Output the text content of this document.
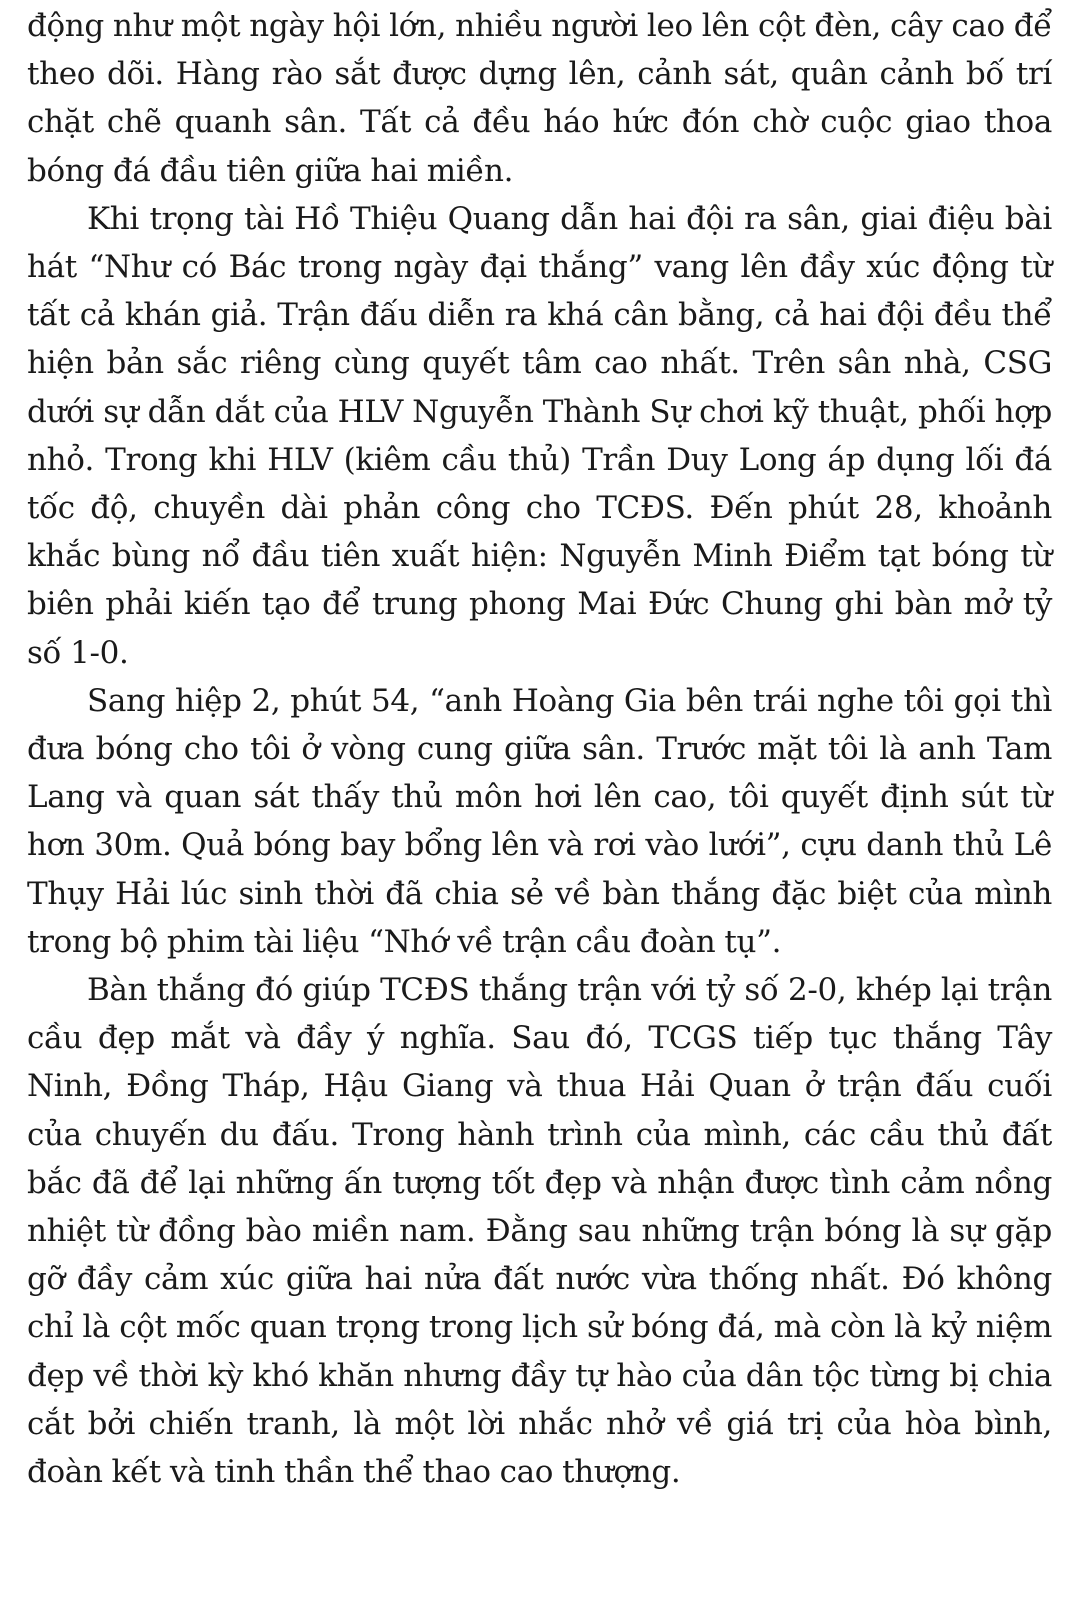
động như một ngày hội lớn, nhiều người leo lên cột đèn, cây cao để theo dõi. Hàng rào sắt được dựng lên, cảnh sát, quân cảnh bố trí chặt chẽ quanh sân. Tất cả đều háo hức đón chờ cuộc giao thoa bóng đá đầu tiên giữa hai miền.

Khi trọng tài Hồ Thiệu Quang dẫn hai đội ra sân, giai điệu bài hát “Như có Bác trong ngày đại thắng” vang lên đầy xúc động từ tất cả khán giả. Trận đấu diễn ra khá cân bằng, cả hai đội đều thể hiện bản sắc riêng cùng quyết tâm cao nhất. Trên sân nhà, CSG dưới sự dẫn dắt của HLV Nguyễn Thành Sự chơi kỹ thuật, phối hợp nhỏ. Trong khi HLV (kiêm cầu thủ) Trần Duy Long áp dụng lối đá tốc độ, chuyền dài phản công cho TCĐS. Đến phút 28, khoảnh khắc bùng nổ đầu tiên xuất hiện: Nguyễn Minh Điểm tạt bóng từ biên phải kiến tạo để trung phong Mai Đức Chung ghi bàn mở tỷ số 1-0.

Sang hiệp 2, phút 54, “anh Hoàng Gia bên trái nghe tôi gọi thì đưa bóng cho tôi ở vòng cung giữa sân. Trước mặt tôi là anh Tam Lang và quan sát thấy thủ môn hơi lên cao, tôi quyết định sút từ hơn 30m. Quả bóng bay bổng lên và rơi vào lưới”, cựu danh thủ Lê Thụy Hải lúc sinh thời đã chia sẻ về bàn thắng đặc biệt của mình trong bộ phim tài liệu “Nhớ về trận cầu đoàn tụ”.

Bàn thắng đó giúp TCĐS thắng trận với tỷ số 2-0, khép lại trận cầu đẹp mắt và đầy ý nghĩa. Sau đó, TCGS tiếp tục thắng Tây Ninh, Đồng Tháp, Hậu Giang và thua Hải Quan ở trận đấu cuối của chuyến du đấu. Trong hành trình của mình, các cầu thủ đất bắc đã để lại những ấn tượng tốt đẹp và nhận được tình cảm nồng nhiệt từ đồng bào miền nam. Đằng sau những trận bóng là sự gặp gỡ đầy cảm xúc giữa hai nửa đất nước vừa thống nhất. Đó không chỉ là cột mốc quan trọng trong lịch sử bóng đá, mà còn là kỷ niệm đẹp về thời kỳ khó khăn nhưng đầy tự hào của dân tộc từng bị chia cắt bởi chiến tranh, là một lời nhắc nhở về giá trị của hòa bình, đoàn kết và tinh thần thể thao cao thượng.
